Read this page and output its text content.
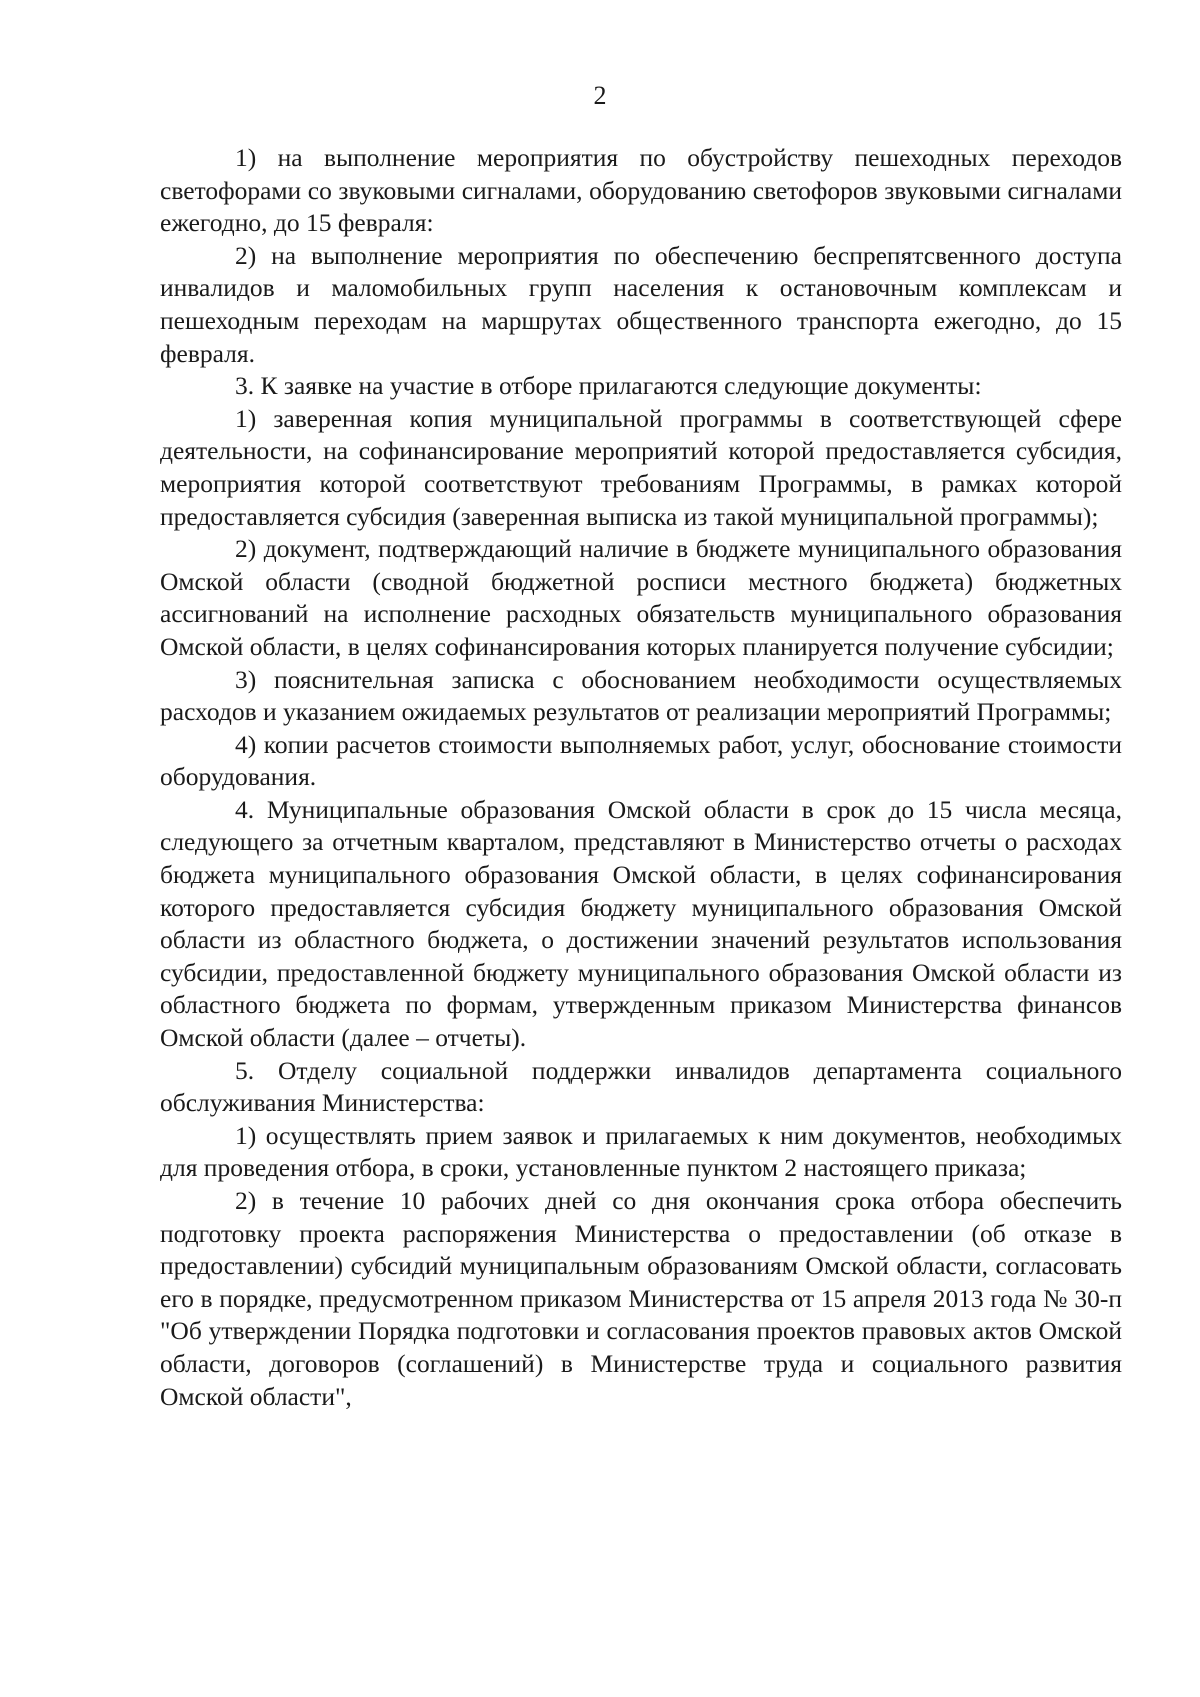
2

1) на выполнение мероприятия по обустройству пешеходных переходов светофорами со звуковыми сигналами, оборудованию светофоров звуковыми сигналами ежегодно, до 15 февраля:

2) на выполнение мероприятия по обеспечению беспрепятсвенного доступа инвалидов и маломобильных групп населения к остановочным комплексам и пешеходным переходам на маршрутах общественного транспорта ежегодно, до 15 февраля.

3. К заявке на участие в отборе прилагаются следующие документы:

1) заверенная копия муниципальной программы в соответствующей сфере деятельности, на софинансирование мероприятий которой предоставляется субсидия, мероприятия которой соответствуют требованиям Программы, в рамках которой предоставляется субсидия (заверенная выписка из такой муниципальной программы);

2) документ, подтверждающий наличие в бюджете муниципального образования Омской области (сводной бюджетной росписи местного бюджета) бюджетных ассигнований на исполнение расходных обязательств муниципального образования Омской области, в целях софинансирования которых планируется получение субсидии;

3) пояснительная записка с обоснованием необходимости осуществляемых расходов и указанием ожидаемых результатов от реализации мероприятий Программы;

4) копии расчетов стоимости выполняемых работ, услуг, обоснование стоимости оборудования.

4. Муниципальные образования Омской области в срок до 15 числа месяца, следующего за отчетным кварталом, представляют в Министерство отчеты о расходах бюджета муниципального образования Омской области, в целях софинансирования которого предоставляется субсидия бюджету муниципального образования Омской области из областного бюджета, о достижении значений результатов использования субсидии, предоставленной бюджету муниципального образования Омской области из областного бюджета по формам, утвержденным приказом Министерства финансов Омской области (далее – отчеты).

5. Отделу социальной поддержки инвалидов департамента социального обслуживания Министерства:

1) осуществлять прием заявок и прилагаемых к ним документов, необходимых для проведения отбора, в сроки, установленные пунктом 2 настоящего приказа;

2) в течение 10 рабочих дней со дня окончания срока отбора обеспечить подготовку проекта распоряжения Министерства о предоставлении (об отказе в предоставлении) субсидий муниципальным образованиям Омской области, согласовать его в порядке, предусмотренном приказом Министерства от 15 апреля 2013 года № 30-п "Об утверждении Порядка подготовки и согласования проектов правовых актов Омской области, договоров (соглашений) в Министерстве труда и социального развития Омской области",
